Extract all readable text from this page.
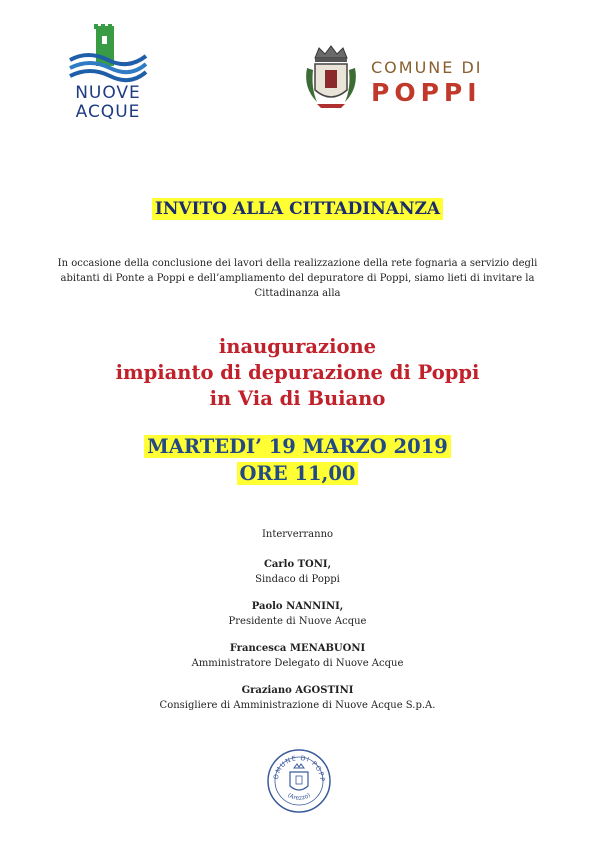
NUOVE
ACQUE
COMUNE DI
POPPI
INVITO ALLA CITTADINANZA
In occasione della conclusione dei lavori della realizzazione della rete fognaria a servizio degli
abitanti di Ponte a Poppi e dell’ampliamento del depuratore di Poppi, siamo lieti di invitare la
Cittadinanza alla
inaugurazione
impianto di depurazione di Poppi
in Via di Buiano
MARTEDI’ 19 MARZO 2019
ORE 11,00
Interverranno
Carlo TONI,
Sindaco di Poppi
Paolo NANNINI,
Presidente di Nuove Acque
Francesca MENABUONI
Amministratore Delegato di Nuove Acque
Graziano AGOSTINI
Consigliere di Amministrazione di Nuove Acque S.p.A.
OMUNE DI POPP
(Arezzo)
